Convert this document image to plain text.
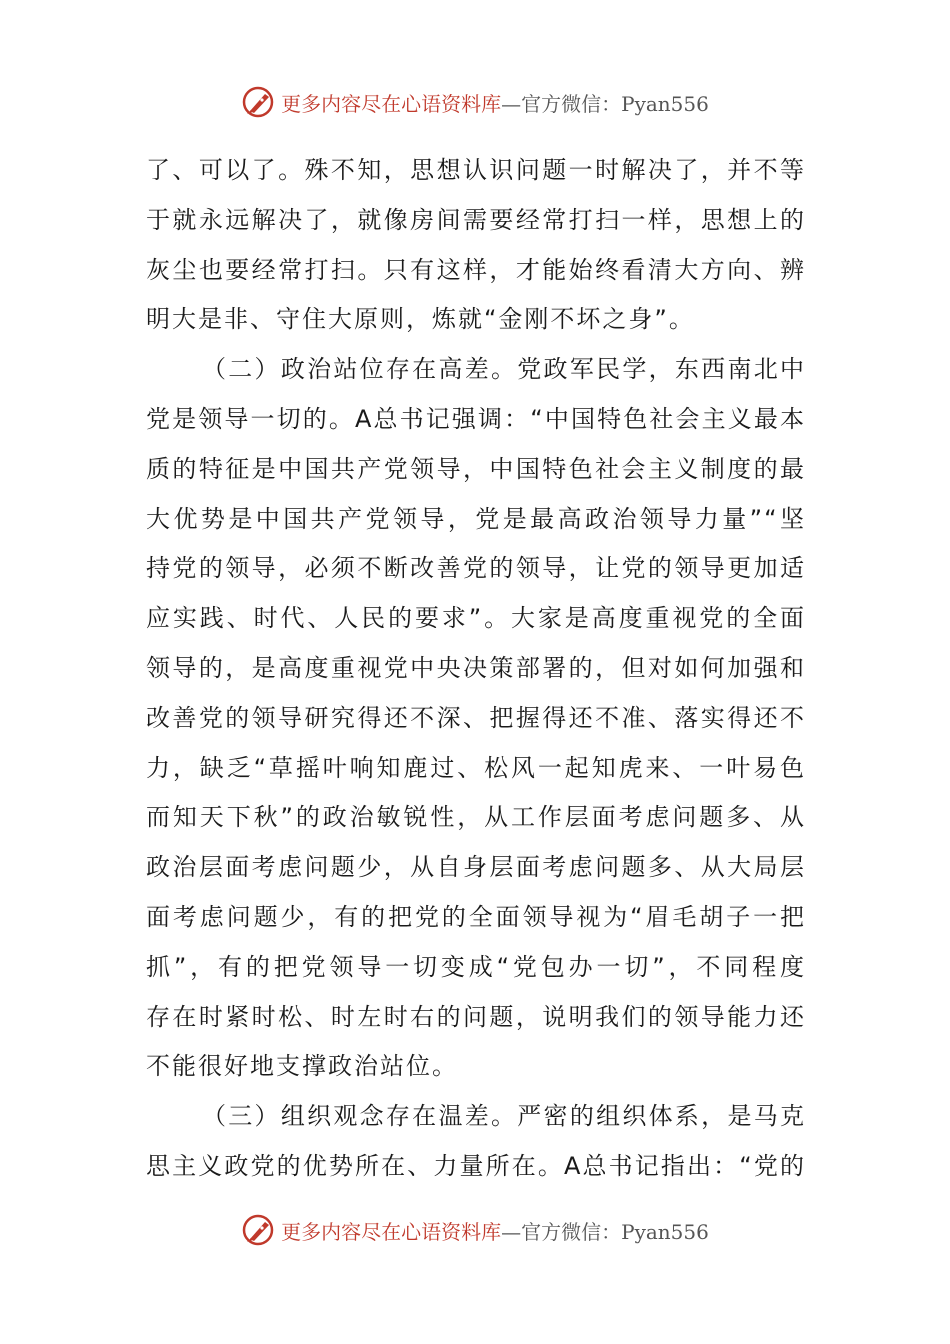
更多内容尽在心语资料库—官方微信：Pyan556
了、可以了。殊不知，思想认识问题一时解决了，并不等
于就永远解决了，就像房间需要经常打扫一样，思想上的
灰尘也要经常打扫。只有这样，才能始终看清大方向、辨
明大是非、守住大原则，炼就“金刚不坏之身”。
（二）政治站位存在高差。党政军民学，东西南北中
党是领导一切的。A总书记强调：“中国特色社会主义最本
质的特征是中国共产党领导，中国特色社会主义制度的最
大优势是中国共产党领导，党是最高政治领导力量”“坚
持党的领导，必须不断改善党的领导，让党的领导更加适
应实践、时代、人民的要求”。大家是高度重视党的全面
领导的，是高度重视党中央决策部署的，但对如何加强和
改善党的领导研究得还不深、把握得还不准、落实得还不
力，缺乏“草摇叶响知鹿过、松风一起知虎来、一叶易色
而知天下秋”的政治敏锐性，从工作层面考虑问题多、从
政治层面考虑问题少，从自身层面考虑问题多、从大局层
面考虑问题少，有的把党的全面领导视为“眉毛胡子一把
抓”，有的把党领导一切变成“党包办一切”，不同程度
存在时紧时松、时左时右的问题，说明我们的领导能力还
不能很好地支撑政治站位。
（三）组织观念存在温差。严密的组织体系，是马克
思主义政党的优势所在、力量所在。A总书记指出：“党的
更多内容尽在心语资料库—官方微信：Pyan556
